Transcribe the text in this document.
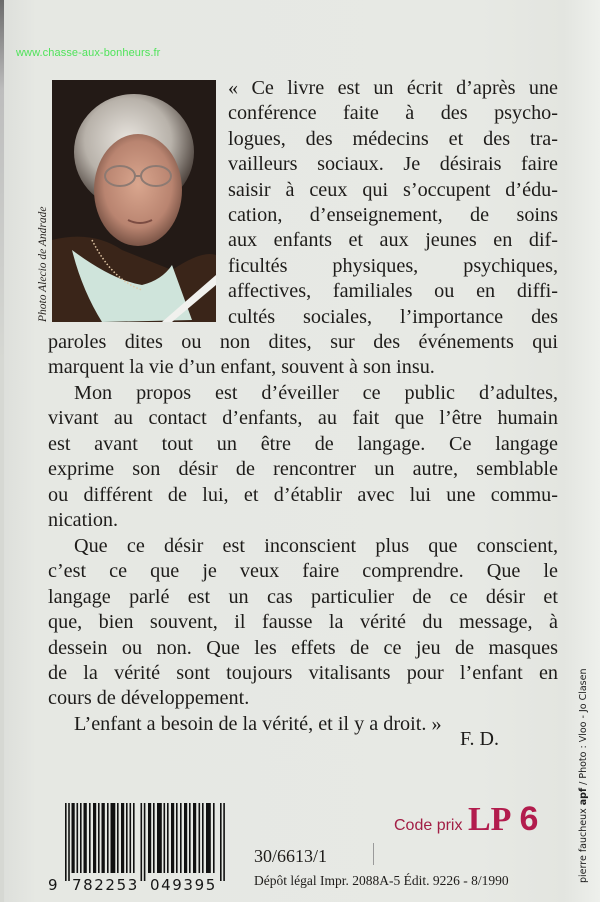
www.chasse-aux-bonheurs.fr
Photo Alecio de Andrade
« Ce livre est un écrit d’après une
conférence faite à des psycho-
logues, des médecins et des tra-
vailleurs sociaux. Je désirais faire
saisir à ceux qui s’occupent d’édu-
cation, d’enseignement, de soins
aux enfants et aux jeunes en dif-
ficultés physiques, psychiques,
affectives, familiales ou en diffi-
cultés sociales, l’importance des
paroles dites ou non dites, sur des événements qui
marquent la vie d’un enfant, souvent à son insu.
Mon propos est d’éveiller ce public d’adultes,
vivant au contact d’enfants, au fait que l’être humain
est avant tout un être de langage. Ce langage
exprime son désir de rencontrer un autre, semblable
ou différent de lui, et d’établir avec lui une commu-
nication.
Que ce désir est inconscient plus que conscient,
c’est ce que je veux faire comprendre. Que le
langage parlé est un cas particulier de ce désir et
que, bien souvent, il fausse la vérité du message, à
dessein ou non. Que les effets de ce jeu de masques
de la vérité sont toujours vitalisants pour l’enfant en
cours de développement.
L’enfant a besoin de la vérité, et il y a droit. »
F. D.
9 782253 049395
Code prix LP 6
30/6613/1
Dépôt légal Impr. 2088A-5 Édit. 9226 - 8/1990	pierre faucheux apf / Photo : Vloo - Jo Clasen
